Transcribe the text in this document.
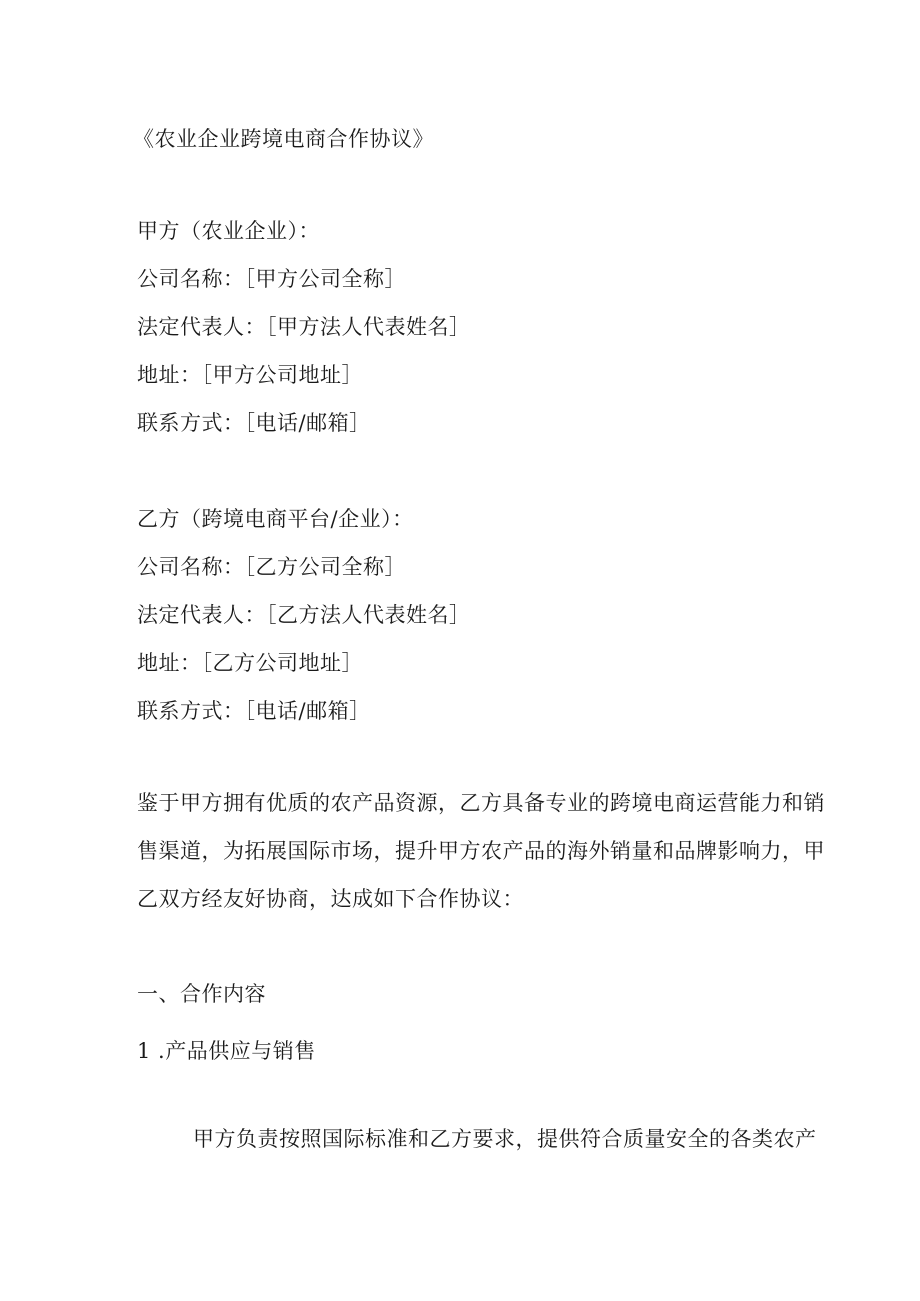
《农业企业跨境电商合作协议》
甲方（农业企业）：
公司名称：［甲方公司全称］
法定代表人：［甲方法人代表姓名］
地址：［甲方公司地址］
联系方式：［电话/邮箱］
乙方（跨境电商平台/企业）：
公司名称：［乙方公司全称］
法定代表人：［乙方法人代表姓名］
地址：［乙方公司地址］
联系方式：［电话/邮箱］
鉴于甲方拥有优质的农产品资源，乙方具备专业的跨境电商运营能力和销
售渠道，为拓展国际市场，提升甲方农产品的海外销量和品牌影响力，甲
乙双方经友好协商，达成如下合作协议：
一、合作内容
1 .产品供应与销售
甲方负责按照国际标准和乙方要求，提供符合质量安全的各类农产
